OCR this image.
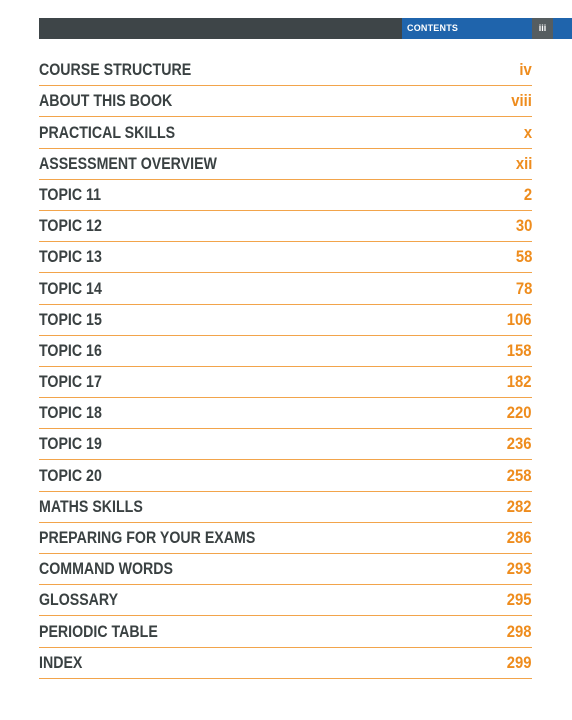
CONTENTS	iii
COURSE STRUCTURE	iv
ABOUT THIS BOOK	viii
PRACTICAL SKILLS	x
ASSESSMENT OVERVIEW	xii
TOPIC 11	2
TOPIC 12	30
TOPIC 13	58
TOPIC 14	78
TOPIC 15	106
TOPIC 16	158
TOPIC 17	182
TOPIC 18	220
TOPIC 19	236
TOPIC 20	258
MATHS SKILLS	282
PREPARING FOR YOUR EXAMS	286
COMMAND WORDS	293
GLOSSARY	295
PERIODIC TABLE	298
INDEX	299
